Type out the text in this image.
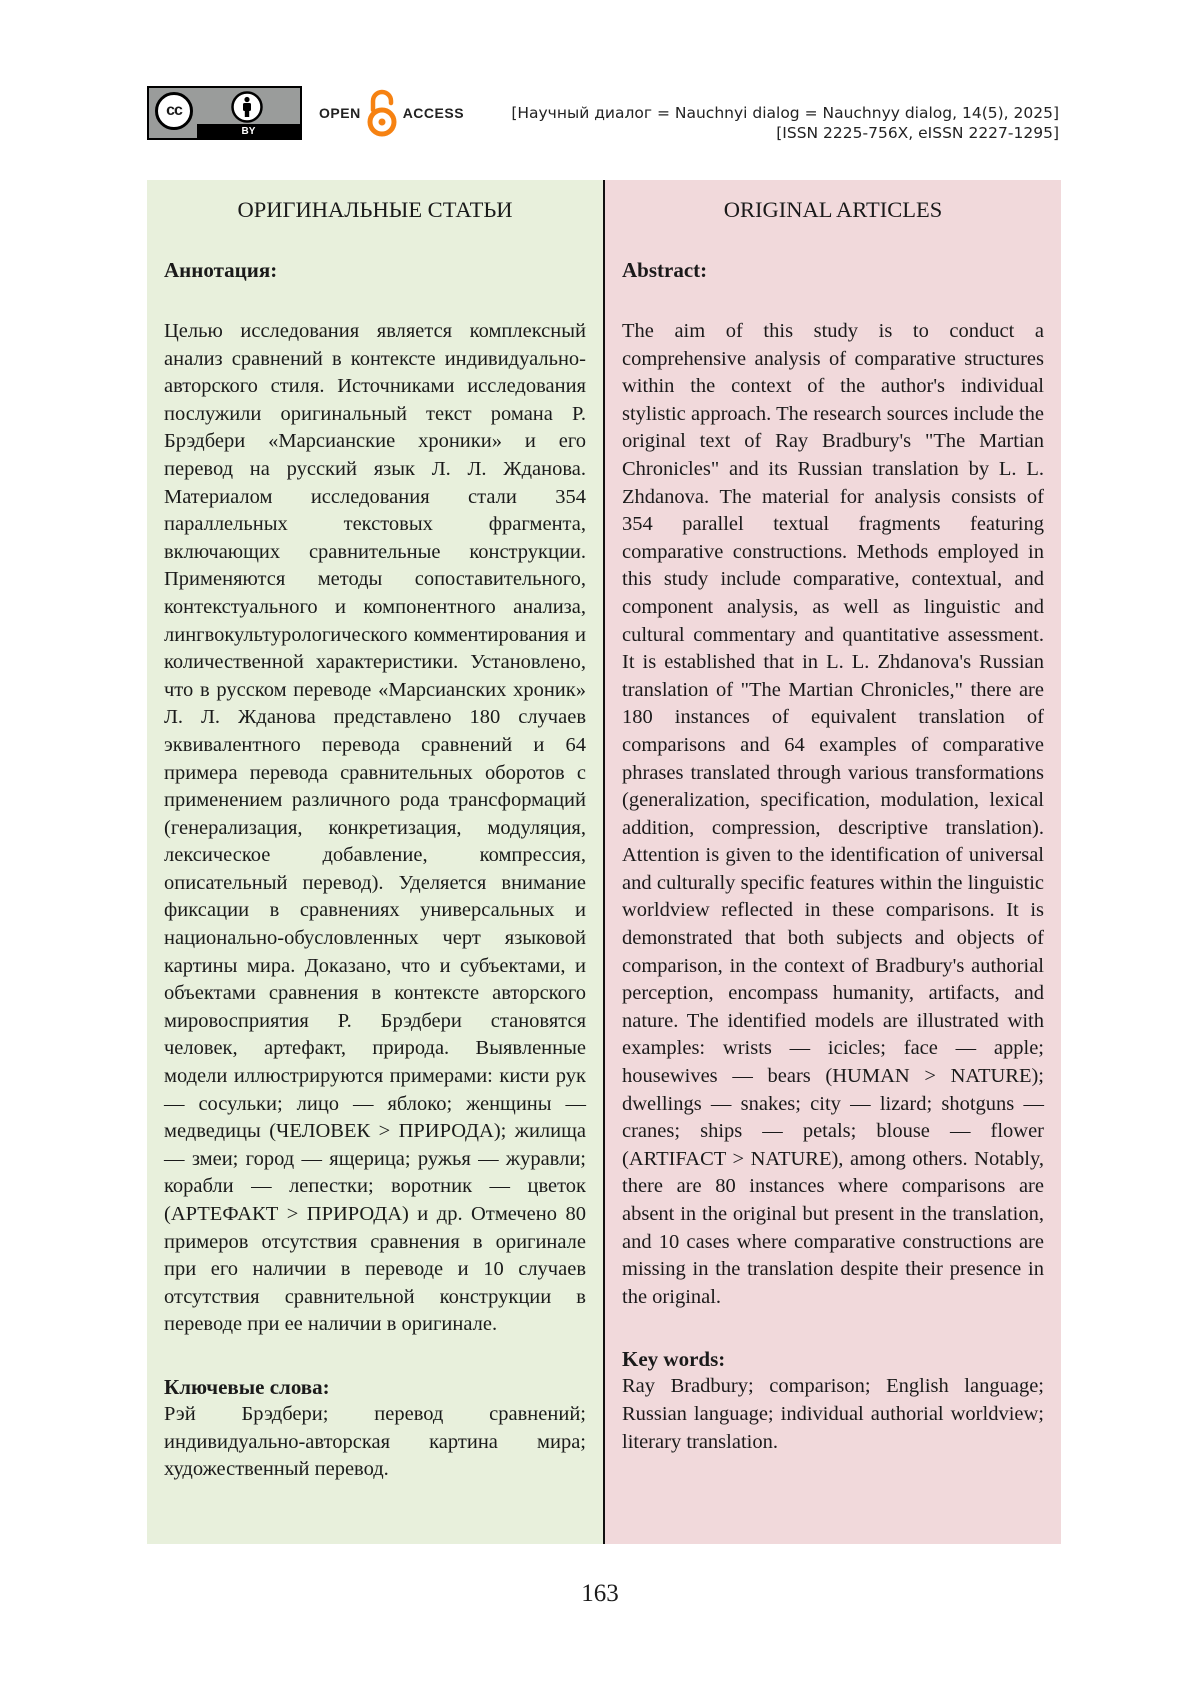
cc
BY
OPEN	ACCESS	[Научный диалог = Nauchnyi dialog = Nauchnyy dialog, 14(5), 2025]
[ISSN 2225-756X, eISSN 2227-1295]
ОРИГИНАЛЬНЫЕ СТАТЬИ
Аннотация:
Целью исследования является комплексный анализ сравнений в контексте индивидуально-авторского стиля. Источниками исследования послужили оригинальный текст романа Р. Брэдбери «Марсианские хроники» и его перевод на русский язык Л. Л. Жданова. Материалом исследования стали 354 параллельных текстовых фрагмента, включающих сравнительные конструкции. Применяются методы сопоставительного, контекстуального и компонентного анализа, лингвокультурологического комментирования и количественной характеристики. Установлено, что в русском переводе «Марсианских хроник» Л. Л. Жданова представлено 180 случаев эквивалентного перевода сравнений и 64 примера перевода сравнительных оборотов с применением различного рода трансформаций (генерализация, конкретизация, модуляция, лексическое добавление, компрессия, описательный перевод). Уделяется внимание фиксации в сравнениях универсальных и национально-обусловленных черт языковой картины мира. Доказано, что и субъектами, и объектами сравнения в контексте авторского мировосприятия Р. Брэдбери становятся человек, артефакт, природа. Выявленные модели иллюстрируются примерами: кисти рук — сосульки; лицо — яблоко; женщины — медведицы (ЧЕЛОВЕК > ПРИРОДА); жилища — змеи; город — ящерица; ружья — журавли; корабли — лепестки; воротник — цветок (АРТЕФАКТ > ПРИРОДА) и др. Отмечено 80 примеров отсутствия сравнения в оригинале при его наличии в переводе и 10 случаев отсутствия сравнительной конструкции в переводе при ее наличии в оригинале.
Ключевые слова:
Рэй Брэдбери; перевод сравнений; индивидуально-авторская картина мира; художественный перевод.
ORIGINAL ARTICLES
Abstract:
The aim of this study is to conduct a comprehensive analysis of comparative structures within the context of the author's individual stylistic approach. The research sources include the original text of Ray Bradbury's "The Martian Chronicles" and its Russian translation by L. L. Zhdanova. The material for analysis consists of 354 parallel textual fragments featuring comparative constructions. Methods employed in this study include comparative, contextual, and component analysis, as well as linguistic and cultural commentary and quantitative assessment. It is established that in L. L. Zhdanova's Russian translation of "The Martian Chronicles," there are 180 instances of equivalent translation of comparisons and 64 examples of comparative phrases translated through various transformations (generalization, specification, modulation, lexical addition, compression, descriptive translation). Attention is given to the identification of universal and culturally specific features within the linguistic worldview reflected in these comparisons. It is demonstrated that both subjects and objects of comparison, in the context of Bradbury's authorial perception, encompass humanity, artifacts, and nature. The identified models are illustrated with examples: wrists — icicles; face — apple; housewives — bears (HUMAN > NATURE); dwellings — snakes; city — lizard; shotguns — cranes; ships — petals; blouse — flower (ARTIFACT > NATURE), among others. Notably, there are 80 instances where comparisons are absent in the original but present in the translation, and 10 cases where comparative constructions are missing in the translation despite their presence in the original.
Key words:
Ray Bradbury; comparison; English language; Russian language; individual authorial worldview; literary translation.
163
